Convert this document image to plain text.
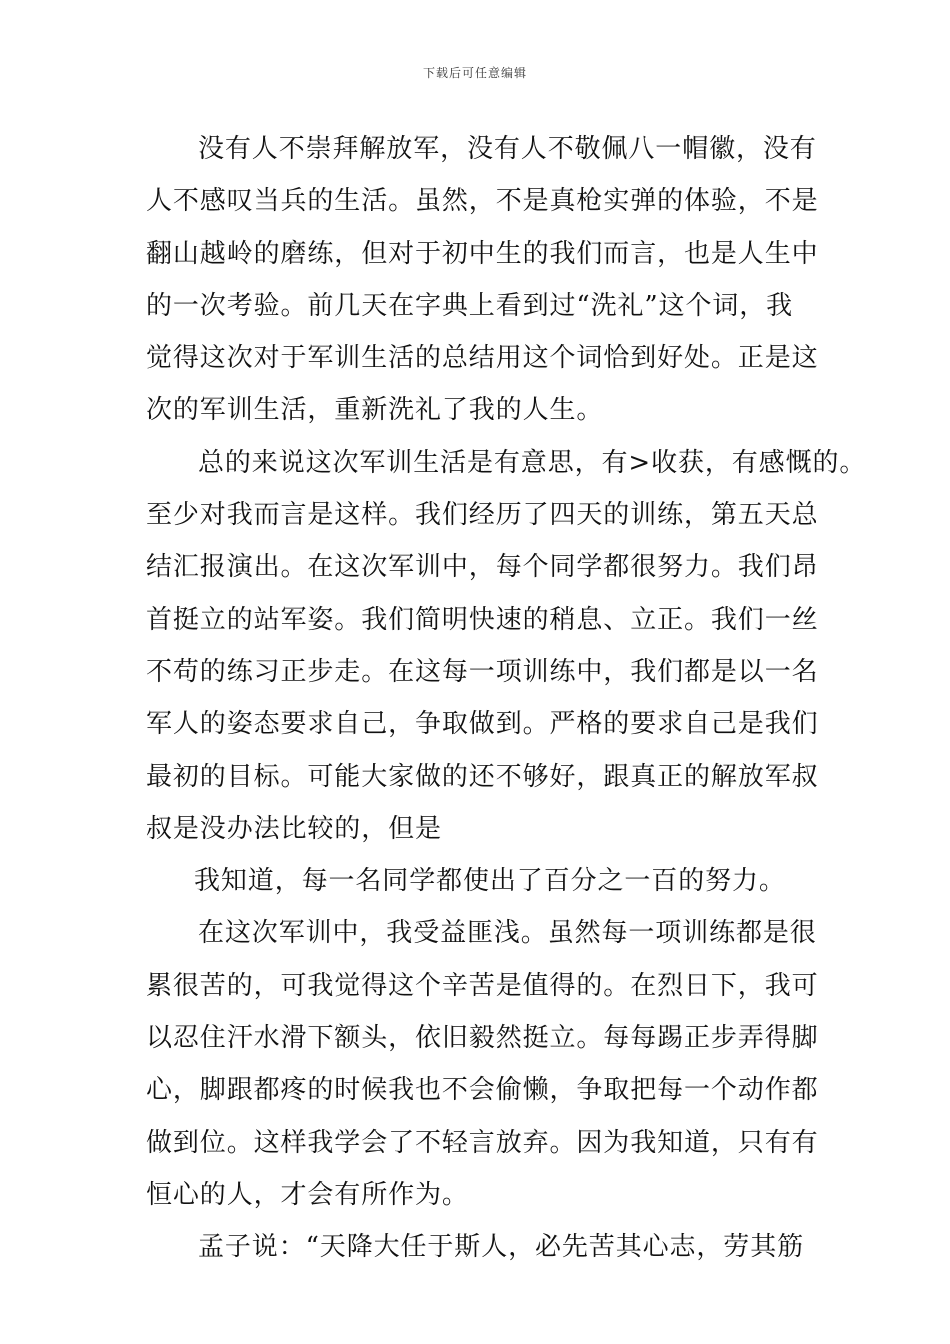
下载后可任意编辑
没有人不崇拜解放军，没有人不敬佩八一帽徽，没有
人不感叹当兵的生活。虽然，不是真枪实弹的体验，不是
翻山越岭的磨练，但对于初中生的我们而言，也是人生中
的一次考验。前几天在字典上看到过“洗礼”这个词，我
觉得这次对于军训生活的总结用这个词恰到好处。正是这
次的军训生活，重新洗礼了我的人生。
总的来说这次军训生活是有意思，有>收获，有感慨的。
至少对我而言是这样。我们经历了四天的训练，第五天总
结汇报演出。在这次军训中，每个同学都很努力。我们昂
首挺立的站军姿。我们简明快速的稍息、立正。我们一丝
不苟的练习正步走。在这每一项训练中，我们都是以一名
军人的姿态要求自己，争取做到。严格的要求自己是我们
最初的目标。可能大家做的还不够好，跟真正的解放军叔
叔是没办法比较的，但是
我知道，每一名同学都使出了百分之一百的努力。
在这次军训中，我受益匪浅。虽然每一项训练都是很
累很苦的，可我觉得这个辛苦是值得的。在烈日下，我可
以忍住汗水滑下额头，依旧毅然挺立。每每踢正步弄得脚
心，脚跟都疼的时候我也不会偷懒，争取把每一个动作都
做到位。这样我学会了不轻言放弃。因为我知道，只有有
恒心的人，才会有所作为。
孟子说：“天降大任于斯人，必先苦其心志，劳其筋
